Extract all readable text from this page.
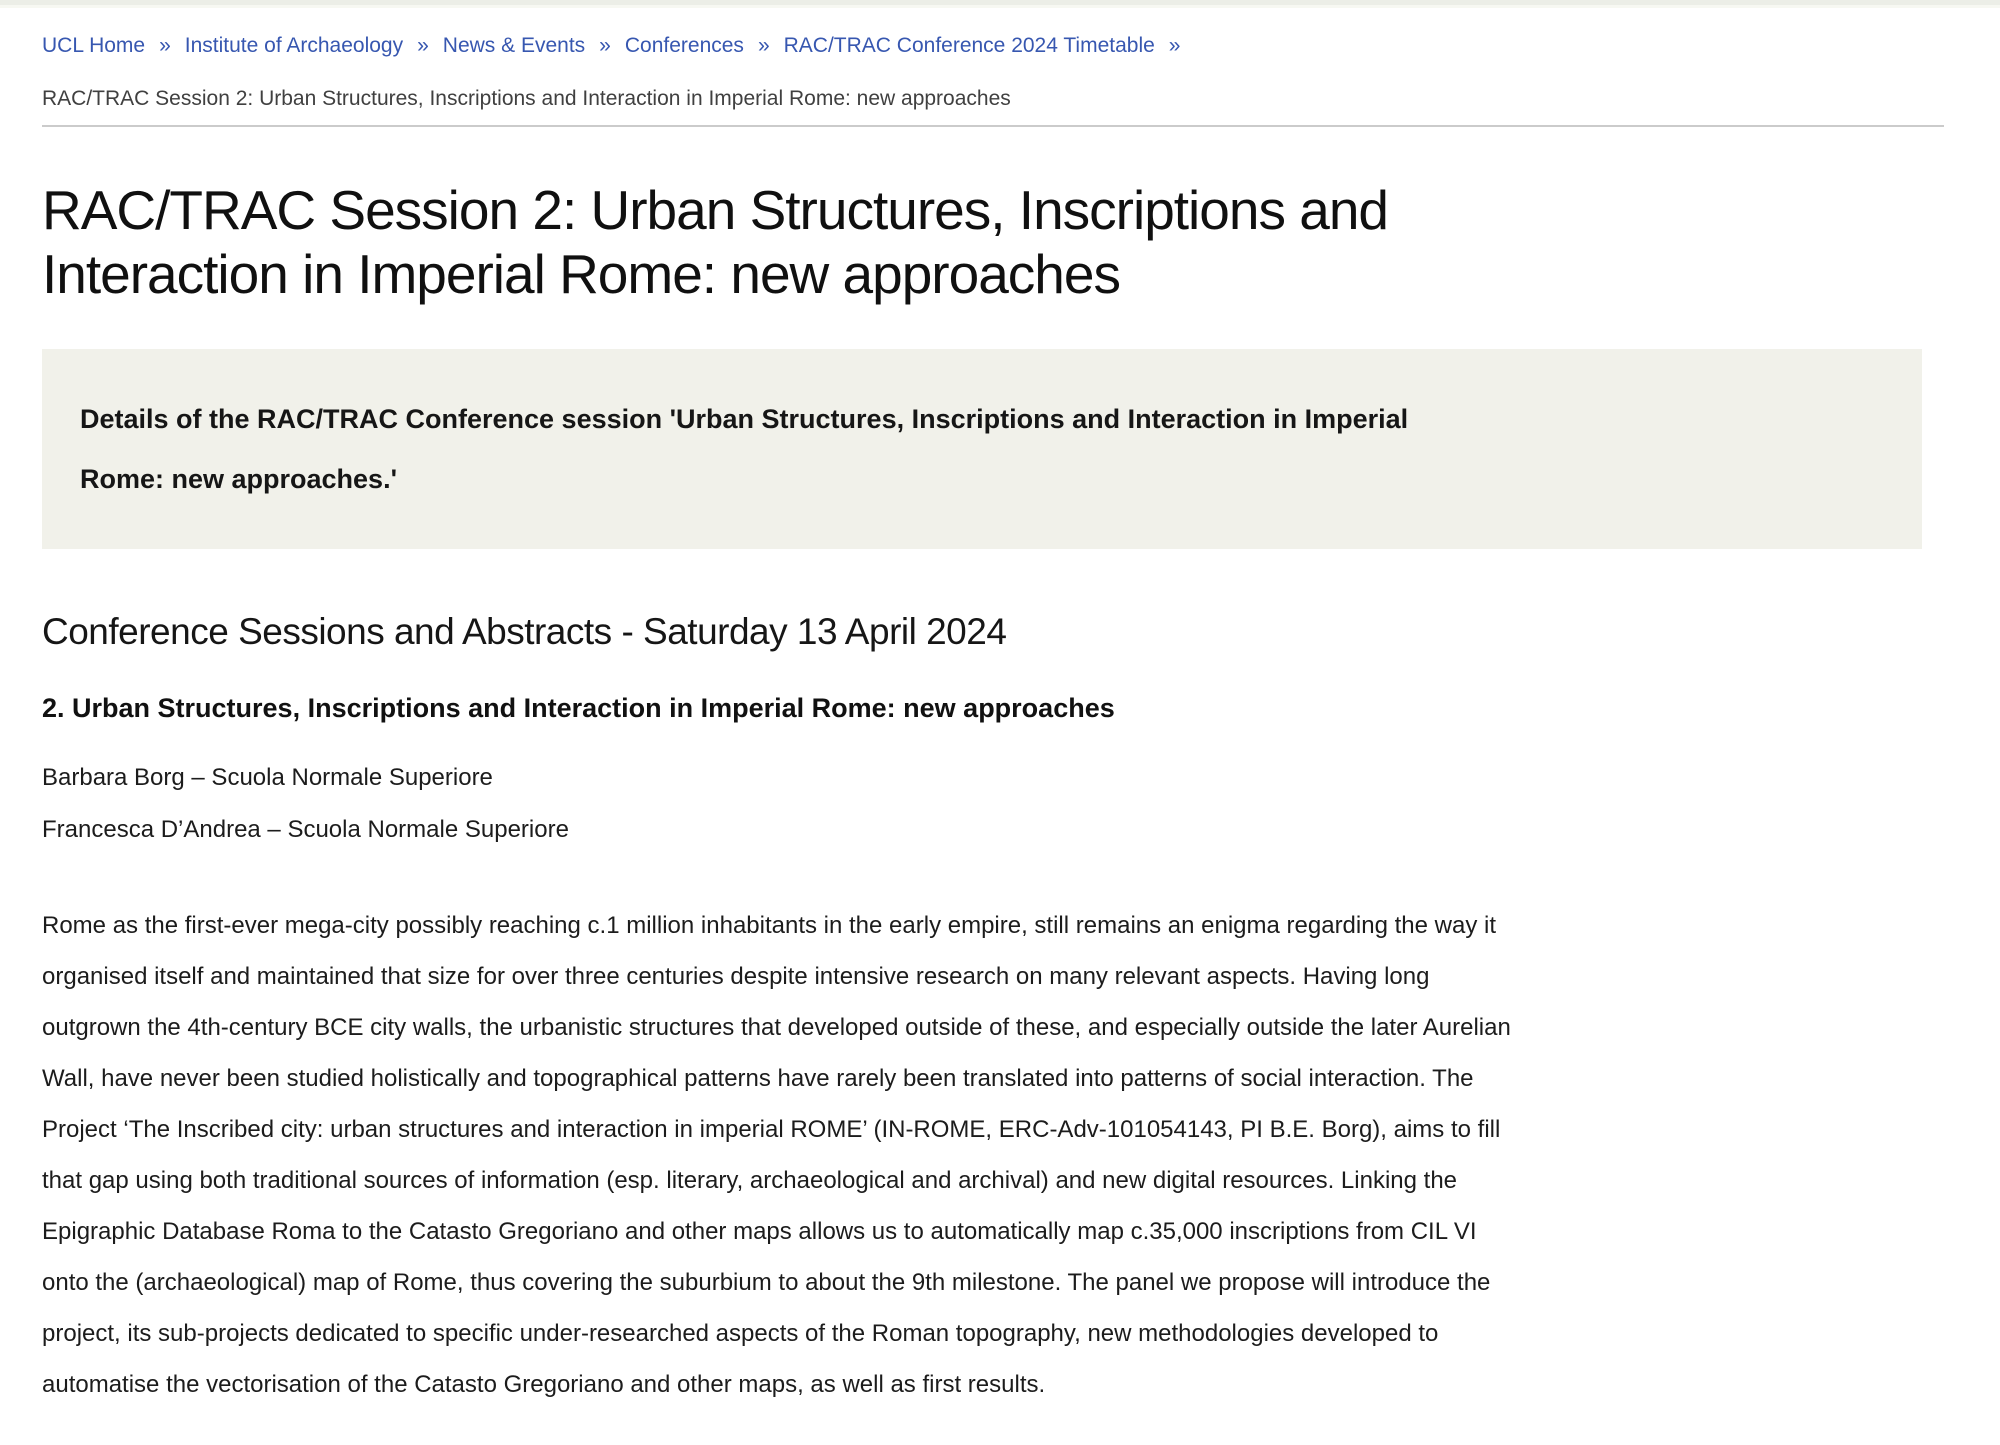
UCL Home » Institute of Archaeology » News & Events » Conferences » RAC/TRAC Conference 2024 Timetable »
RAC/TRAC Session 2: Urban Structures, Inscriptions and Interaction in Imperial Rome: new approaches
RAC/TRAC Session 2: Urban Structures, Inscriptions and Interaction in Imperial Rome: new approaches

Details of the RAC/TRAC Conference session 'Urban Structures, Inscriptions and Interaction in Imperial Rome: new approaches.'

Conference Sessions and Abstracts - Saturday 13 April 2024
2. Urban Structures, Inscriptions and Interaction in Imperial Rome: new approaches

Barbara Borg – Scuola Normale Superiore

Francesca D’Andrea – Scuola Normale Superiore

Rome as the first-ever mega-city possibly reaching c.1 million inhabitants in the early empire, still remains an enigma regarding the way it organised itself and maintained that size for over three centuries despite intensive research on many relevant aspects. Having long outgrown the 4th-century BCE city walls, the urbanistic structures that developed outside of these, and especially outside the later Aurelian Wall, have never been studied holistically and topographical patterns have rarely been translated into patterns of social interaction. The Project ‘The Inscribed city: urban structures and interaction in imperial ROME’ (IN-ROME, ERC-Adv-101054143, PI B.E. Borg), aims to fill that gap using both traditional sources of information (esp. literary, archaeological and archival) and new digital resources. Linking the Epigraphic Database Roma to the Catasto Gregoriano and other maps allows us to automatically map c.35,000 inscriptions from CIL VI onto the (archaeological) map of Rome, thus covering the suburbium to about the 9th milestone. The panel we propose will introduce the project, its sub-projects dedicated to specific under-researched aspects of the Roman topography, new methodologies developed to automatise the vectorisation of the Catasto Gregoriano and other maps, as well as first results.
